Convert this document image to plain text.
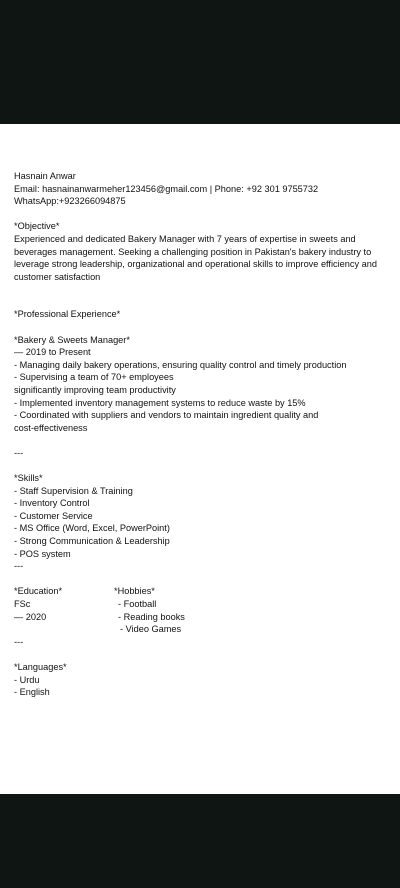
Hasnain Anwar
Email: hasnainanwarmeher123456@gmail.com | Phone: +92 301 9755732
WhatsApp:+923266094875
*Objective*
Experienced and dedicated Bakery Manager with 7 years of expertise in sweets and beverages management. Seeking a challenging position in Pakistan's bakery industry to leverage strong leadership, organizational and operational skills to improve efficiency and customer satisfaction
*Professional Experience*
*Bakery & Sweets Manager*
— 2019 to Present
- Managing daily bakery operations, ensuring quality control and timely production
- Supervising a team of 70+ employees
significantly improving team productivity
- Implemented inventory management systems to reduce waste by 15%
- Coordinated with suppliers and vendors to maintain ingredient quality and
cost-effectiveness
---
*Skills*
- Staff Supervision & Training
- Inventory Control
- Customer Service
- MS Office (Word, Excel, PowerPoint)
- Strong Communication & Leadership
- POS system
---
*Education*
FSc
— 2020
*Hobbies*
- Football
- Reading books
- Video Games
---
*Languages*
- Urdu
- English
